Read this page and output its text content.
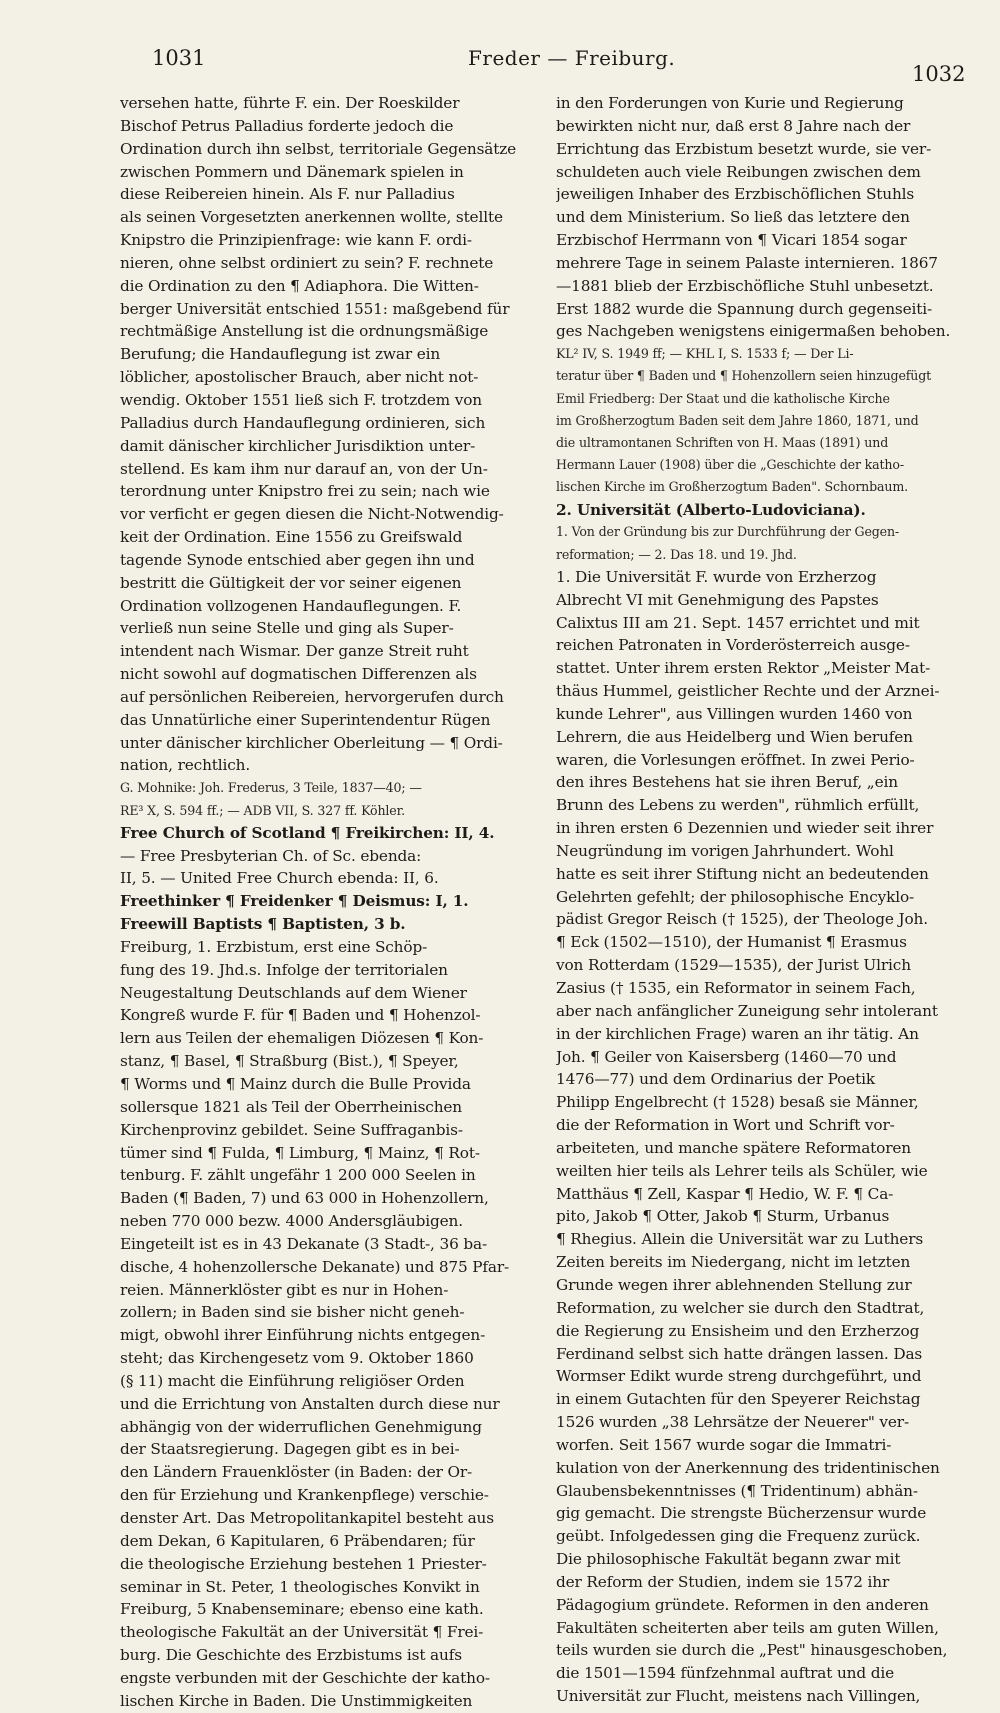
1031	Freder — Freiburg.
1032
versehen hatte, führte F. ein. Der Roeskilder
Bischof Petrus Palladius forderte jedoch die
Ordination durch ihn selbst, territoriale Gegensätze
zwischen Pommern und Dänemark spielen in
diese Reibereien hinein. Als F. nur Palladius
als seinen Vorgesetzten anerkennen wollte, stellte
Knipstro die Prinzipienfrage: wie kann F. ordi-
nieren, ohne selbst ordiniert zu sein? F. rechnete
die Ordination zu den ¶ Adiaphora. Die Witten-
berger Universität entschied 1551: maßgebend für
rechtmäßige Anstellung ist die ordnungsmäßige
Berufung; die Handauflegung ist zwar ein
löblicher, apostolischer Brauch, aber nicht not-
wendig. Oktober 1551 ließ sich F. trotzdem von
Palladius durch Handauflegung ordinieren, sich
damit dänischer kirchlicher Jurisdiktion unter-
stellend. Es kam ihm nur darauf an, von der Un-
terordnung unter Knipstro frei zu sein; nach wie
vor verficht er gegen diesen die Nicht-Notwendig-
keit der Ordination. Eine 1556 zu Greifswald
tagende Synode entschied aber gegen ihn und
bestritt die Gültigkeit der vor seiner eigenen
Ordination vollzogenen Handauflegungen. F.
verließ nun seine Stelle und ging als Super-
intendent nach Wismar. Der ganze Streit ruht
nicht sowohl auf dogmatischen Differenzen als
auf persönlichen Reibereien, hervorgerufen durch
das Unnatürliche einer Superintendentur Rügen
unter dänischer kirchlicher Oberleitung — ¶ Ordi-
nation, rechtlich.
G. Mohnike: Joh. Frederus, 3 Teile, 1837—40; —
RE³ X, S. 594 ff.; — ADB VII, S. 327 ff. Köhler.
Free Church of Scotland ¶ Freikirchen: II, 4.
— Free Presbyterian Ch. of Sc. ebenda:
II, 5. — United Free Church ebenda: II, 6.
Freethinker ¶ Freidenker ¶ Deismus: I, 1.
Freewill Baptists ¶ Baptisten, 3 b.
Freiburg, 1. Erzbistum, erst eine Schöp-
fung des 19. Jhd.s. Infolge der territorialen
Neugestaltung Deutschlands auf dem Wiener
Kongreß wurde F. für ¶ Baden und ¶ Hohenzol-
lern aus Teilen der ehemaligen Diözesen ¶ Kon-
stanz, ¶ Basel, ¶ Straßburg (Bist.), ¶ Speyer,
¶ Worms und ¶ Mainz durch die Bulle Provida
sollersque 1821 als Teil der Oberrheinischen
Kirchenprovinz gebildet. Seine Suffraganbis-
tümer sind ¶ Fulda, ¶ Limburg, ¶ Mainz, ¶ Rot-
tenburg. F. zählt ungefähr 1 200 000 Seelen in
Baden (¶ Baden, 7) und 63 000 in Hohenzollern,
neben 770 000 bezw. 4000 Andersgläubigen.
Eingeteilt ist es in 43 Dekanate (3 Stadt-, 36 ba-
dische, 4 hohenzollersche Dekanate) und 875 Pfar-
reien. Männerklöster gibt es nur in Hohen-
zollern; in Baden sind sie bisher nicht geneh-
migt, obwohl ihrer Einführung nichts entgegen-
steht; das Kirchengesetz vom 9. Oktober 1860
(§ 11) macht die Einführung religiöser Orden
und die Errichtung von Anstalten durch diese nur
abhängig von der widerruflichen Genehmigung
der Staatsregierung. Dagegen gibt es in bei-
den Ländern Frauenklöster (in Baden: der Or-
den für Erziehung und Krankenpflege) verschie-
denster Art. Das Metropolitankapitel besteht aus
dem Dekan, 6 Kapitularen, 6 Präbendaren; für
die theologische Erziehung bestehen 1 Priester-
seminar in St. Peter, 1 theologisches Konvikt in
Freiburg, 5 Knabenseminare; ebenso eine kath.
theologische Fakultät an der Universität ¶ Frei-
burg. Die Geschichte des Erzbistums ist aufs
engste verbunden mit der Geschichte der katho-
lischen Kirche in Baden. Die Unstimmigkeiten
in den Forderungen von Kurie und Regierung
bewirkten nicht nur, daß erst 8 Jahre nach der
Errichtung das Erzbistum besetzt wurde, sie ver-
schuldeten auch viele Reibungen zwischen dem
jeweiligen Inhaber des Erzbischöflichen Stuhls
und dem Ministerium. So ließ das letztere den
Erzbischof Herrmann von ¶ Vicari 1854 sogar
mehrere Tage in seinem Palaste internieren. 1867
—1881 blieb der Erzbischöfliche Stuhl unbesetzt.
Erst 1882 wurde die Spannung durch gegenseiti-
ges Nachgeben wenigstens einigermaßen behoben.
KL² IV, S. 1949 ff; — KHL I, S. 1533 f; — Der Li-
teratur über ¶ Baden und ¶ Hohenzollern seien hinzugefügt
Emil Friedberg: Der Staat und die katholische Kirche
im Großherzogtum Baden seit dem Jahre 1860, 1871, und
die ultramontanen Schriften von H. Maas (1891) und
Hermann Lauer (1908) über die „Geschichte der katho-
lischen Kirche im Großherzogtum Baden". Schornbaum.
2. Universität (Alberto-Ludoviciana).
1. Von der Gründung bis zur Durchführung der Gegen-
reformation; — 2. Das 18. und 19. Jhd.
1. Die Universität F. wurde von Erzherzog
Albrecht VI mit Genehmigung des Papstes
Calixtus III am 21. Sept. 1457 errichtet und mit
reichen Patronaten in Vorderösterreich ausge-
stattet. Unter ihrem ersten Rektor „Meister Mat-
thäus Hummel, geistlicher Rechte und der Arznei-
kunde Lehrer", aus Villingen wurden 1460 von
Lehrern, die aus Heidelberg und Wien berufen
waren, die Vorlesungen eröffnet. In zwei Perio-
den ihres Bestehens hat sie ihren Beruf, „ein
Brunn des Lebens zu werden", rühmlich erfüllt,
in ihren ersten 6 Dezennien und wieder seit ihrer
Neugründung im vorigen Jahrhundert. Wohl
hatte es seit ihrer Stiftung nicht an bedeutenden
Gelehrten gefehlt; der philosophische Encyklo-
pädist Gregor Reisch († 1525), der Theologe Joh.
¶ Eck (1502—1510), der Humanist ¶ Erasmus
von Rotterdam (1529—1535), der Jurist Ulrich
Zasius († 1535, ein Reformator in seinem Fach,
aber nach anfänglicher Zuneigung sehr intolerant
in der kirchlichen Frage) waren an ihr tätig. An
Joh. ¶ Geiler von Kaisersberg (1460—70 und
1476—77) und dem Ordinarius der Poetik
Philipp Engelbrecht († 1528) besaß sie Männer,
die der Reformation in Wort und Schrift vor-
arbeiteten, und manche spätere Reformatoren
weilten hier teils als Lehrer teils als Schüler, wie
Matthäus ¶ Zell, Kaspar ¶ Hedio, W. F. ¶ Ca-
pito, Jakob ¶ Otter, Jakob ¶ Sturm, Urbanus
¶ Rhegius. Allein die Universität war zu Luthers
Zeiten bereits im Niedergang, nicht im letzten
Grunde wegen ihrer ablehnenden Stellung zur
Reformation, zu welcher sie durch den Stadtrat,
die Regierung zu Ensisheim und den Erzherzog
Ferdinand selbst sich hatte drängen lassen. Das
Wormser Edikt wurde streng durchgeführt, und
in einem Gutachten für den Speyerer Reichstag
1526 wurden „38 Lehrsätze der Neuerer" ver-
worfen. Seit 1567 wurde sogar die Immatri-
kulation von der Anerkennung des tridentinischen
Glaubensbekenntnisses (¶ Tridentinum) abhän-
gig gemacht. Die strengste Bücherzensur wurde
geübt. Infolgedessen ging die Frequenz zurück.
Die philosophische Fakultät begann zwar mit
der Reform der Studien, indem sie 1572 ihr
Pädagogium gründete. Reformen in den anderen
Fakultäten scheiterten aber teils am guten Willen,
teils wurden sie durch die „Pest" hinausgeschoben,
die 1501—1594 fünfzehnmal auftrat und die
Universität zur Flucht, meistens nach Villingen,
